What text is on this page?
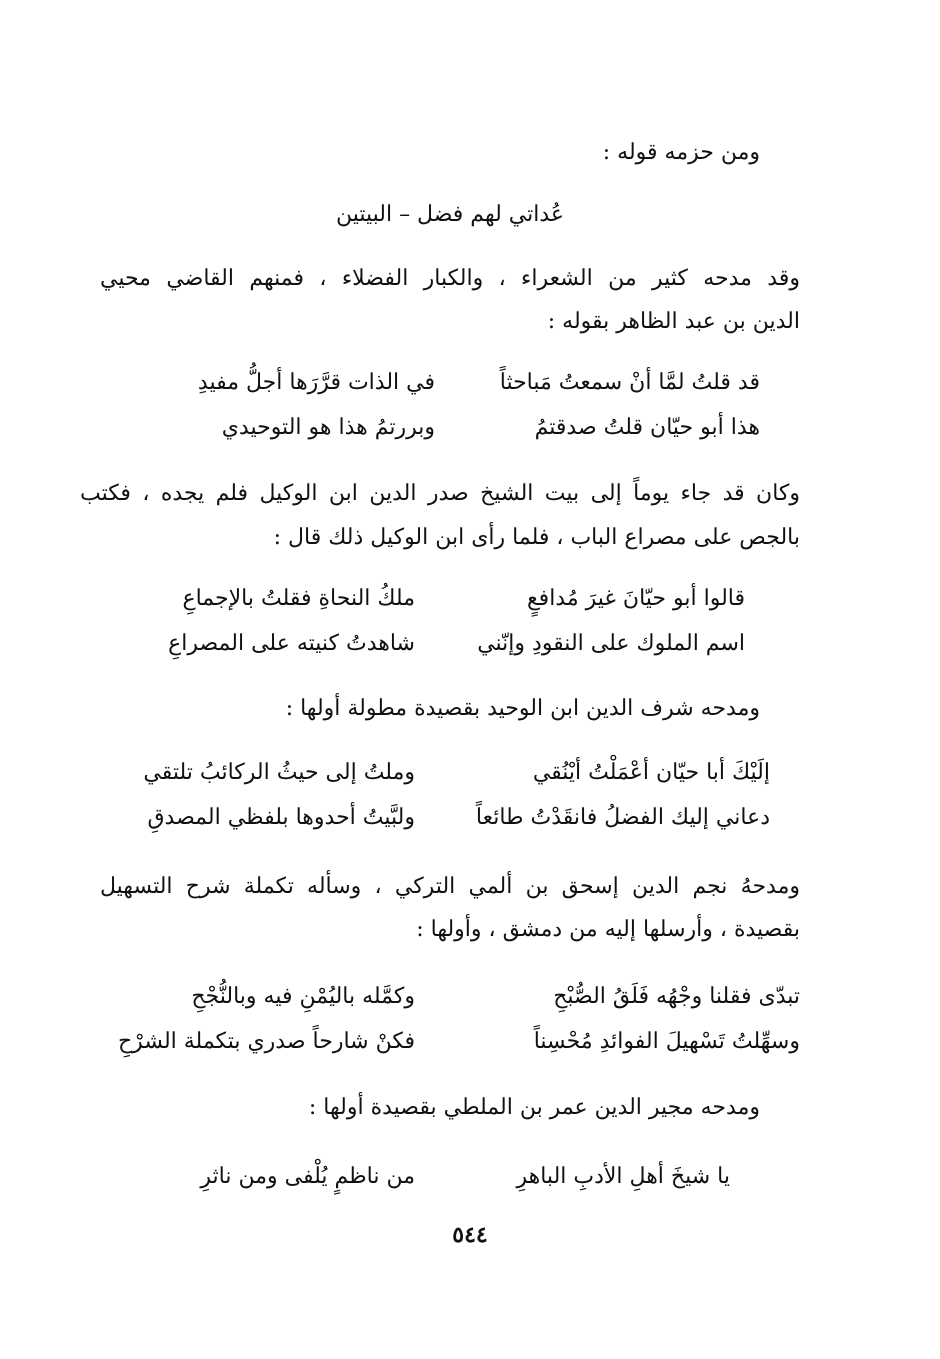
ومن حزمه قوله :
عُداتي لهم فضل – البيتين
وقد مدحه كثير من الشعراء ، والكبار الفضلاء ، فمنهم القاضي محيي
الدين بن عبد الظاهر بقوله :
قد قلتُ لمَّا أنْ سمعتُ مَباحثاً
في الذات قرَّرَها أجلُّ مفيدِ
هذا أبو حيّان قلتُ صدقتمُ
وبررتمُ هذا هو التوحيدي
وكان قد جاء يوماً إلى بيت الشيخ صدر الدين ابن الوكيل فلم يجده ، فكتب
بالجص على مصراع الباب ، فلما رأى ابن الوكيل ذلك قال :
قالوا أبو حيّانَ غيرَ مُدافعٍ
ملكُ النحاةِ فقلتُ بالإجماعِ
اسم الملوك على النقودِ وإنّني
شاهدتُ كنيته على المصراعِ
ومدحه شرف الدين ابن الوحيد بقصيدة مطولة أولها :
إلَيْكَ أبا حيّان أعْمَلْتُ أيْنُقي
وملتُ إلى حيثُ الركائبُ تلتقي
دعاني إليك الفضلُ فانقَدْتُ طائعاً
ولبَّيتُ أحدوها بلفظي المصدقِ
ومدحهُ نجم الدين إسحق بن ألمي التركي ، وسأله تكملة شرح التسهيل
بقصيدة ، وأرسلها إليه من دمشق ، وأولها :
تبدّى فقلنا وجْهُه فَلَقُ الصُّبْحِ
وكمَّله باليُمْنِ فيه وبالنُّجْحِ
وسهِّلتُ تَسْهيلَ الفوائدِ مُحْسِناً
فكنْ شارحاً صدري بتكملة الشرْحِ
ومدحه مجير الدين عمر بن الملطي بقصيدة أولها :
يا شيخَ أهلِ الأدبِ الباهرِ
من ناظمٍ يُلْفى ومن ناثرِ
٥٤٤
